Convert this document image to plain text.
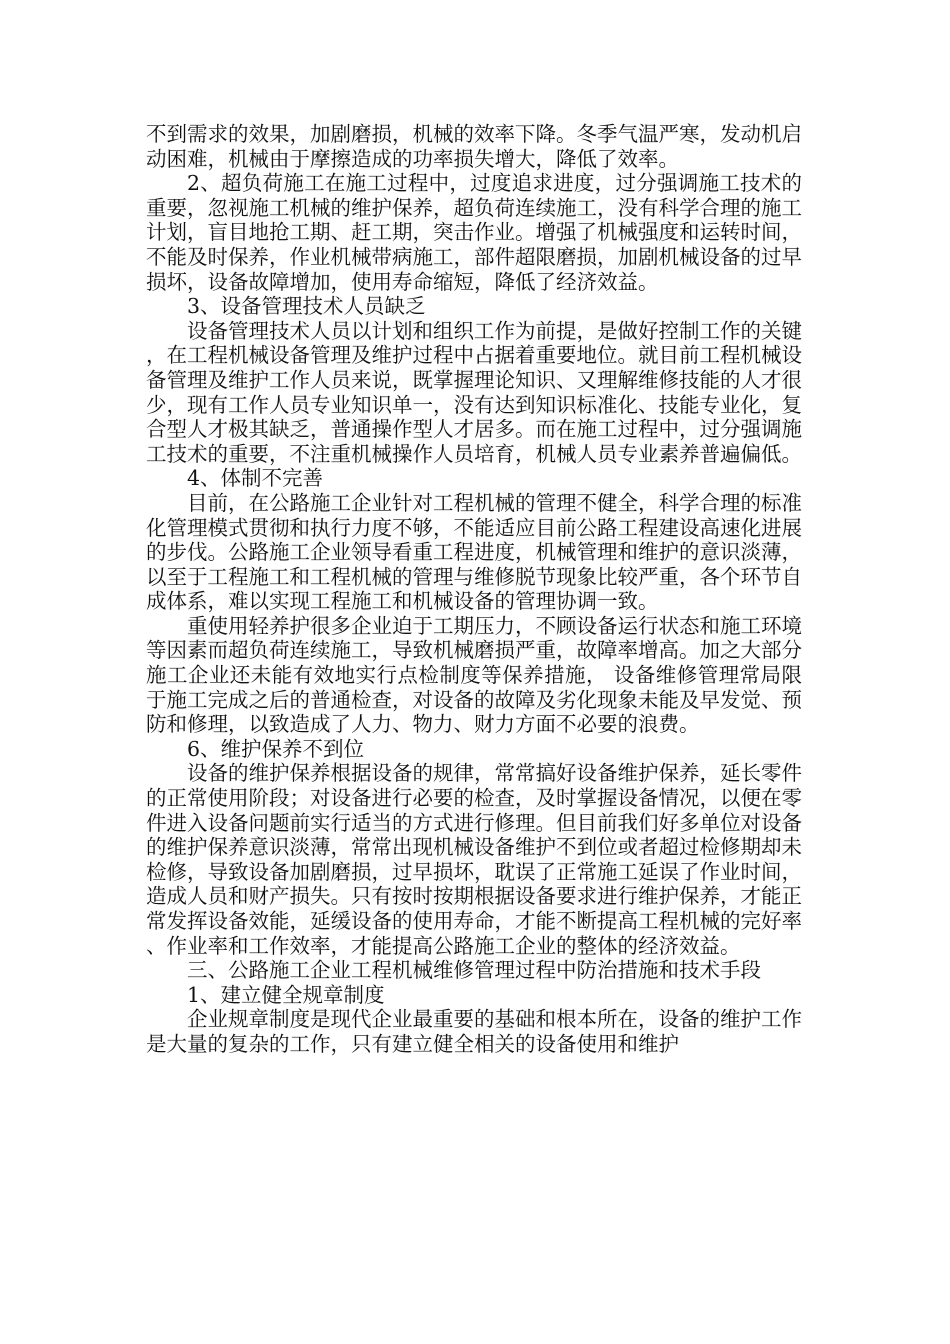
不到需求的效果，加剧磨损，机械的效率下降。冬季气温严寒，发动机启动困难，机械由于摩擦造成的功率损失增大，降低了效率。

2、超负荷施工在施工过程中，过度追求进度，过分强调施工技术的重要，忽视施工机械的维护保养，超负荷连续施工，没有科学合理的施工计划，盲目地抢工期、赶工期，突击作业。增强了机械强度和运转时间，不能及时保养，作业机械带病施工，部件超限磨损，加剧机械设备的过早损坏，设备故障增加，使用寿命缩短，降低了经济效益。

3、设备管理技术人员缺乏

设备管理技术人员以计划和组织工作为前提，是做好控制工作的关键，在工程机械设备管理及维护过程中占据着重要地位。就目前工程机械设备管理及维护工作人员来说，既掌握理论知识、又理解维修技能的人才很少，现有工作人员专业知识单一，没有达到知识标准化、技能专业化，复合型人才极其缺乏，普通操作型人才居多。而在施工过程中，过分强调施工技术的重要，不注重机械操作人员培育，机械人员专业素养普遍偏低。

4、体制不完善

目前，在公路施工企业针对工程机械的管理不健全，科学合理的标准化管理模式贯彻和执行力度不够，不能适应目前公路工程建设高速化进展的步伐。公路施工企业领导看重工程进度，机械管理和维护的意识淡薄，以至于工程施工和工程机械的管理与维修脱节现象比较严重，各个环节自成体系，难以实现工程施工和机械设备的管理协调一致。

重使用轻养护很多企业迫于工期压力，不顾设备运行状态和施工环境等因素而超负荷连续施工，导致机械磨损严重，故障率增高。加之大部分施工企业还未能有效地实行点检制度等保养措施， 设备维修管理常局限于施工完成之后的普通检查，对设备的故障及劣化现象未能及早发觉、预防和修理，以致造成了人力、物力、财力方面不必要的浪费。

6、维护保养不到位

设备的维护保养根据设备的规律，常常搞好设备维护保养，延长零件的正常使用阶段；对设备进行必要的检查，及时掌握设备情况，以便在零件进入设备问题前实行适当的方式进行修理。但目前我们好多单位对设备的维护保养意识淡薄，常常出现机械设备维护不到位或者超过检修期却未检修，导致设备加剧磨损，过早损坏，耽误了正常施工延误了作业时间，造成人员和财产损失。只有按时按期根据设备要求进行维护保养，才能正常发挥设备效能，延缓设备的使用寿命，才能不断提高工程机械的完好率、作业率和工作效率，才能提高公路施工企业的整体的经济效益。

三、公路施工企业工程机械维修管理过程中防治措施和技术手段

1、建立健全规章制度

企业规章制度是现代企业最重要的基础和根本所在，设备的维护工作是大量的复杂的工作，只有建立健全相关的设备使用和维护
